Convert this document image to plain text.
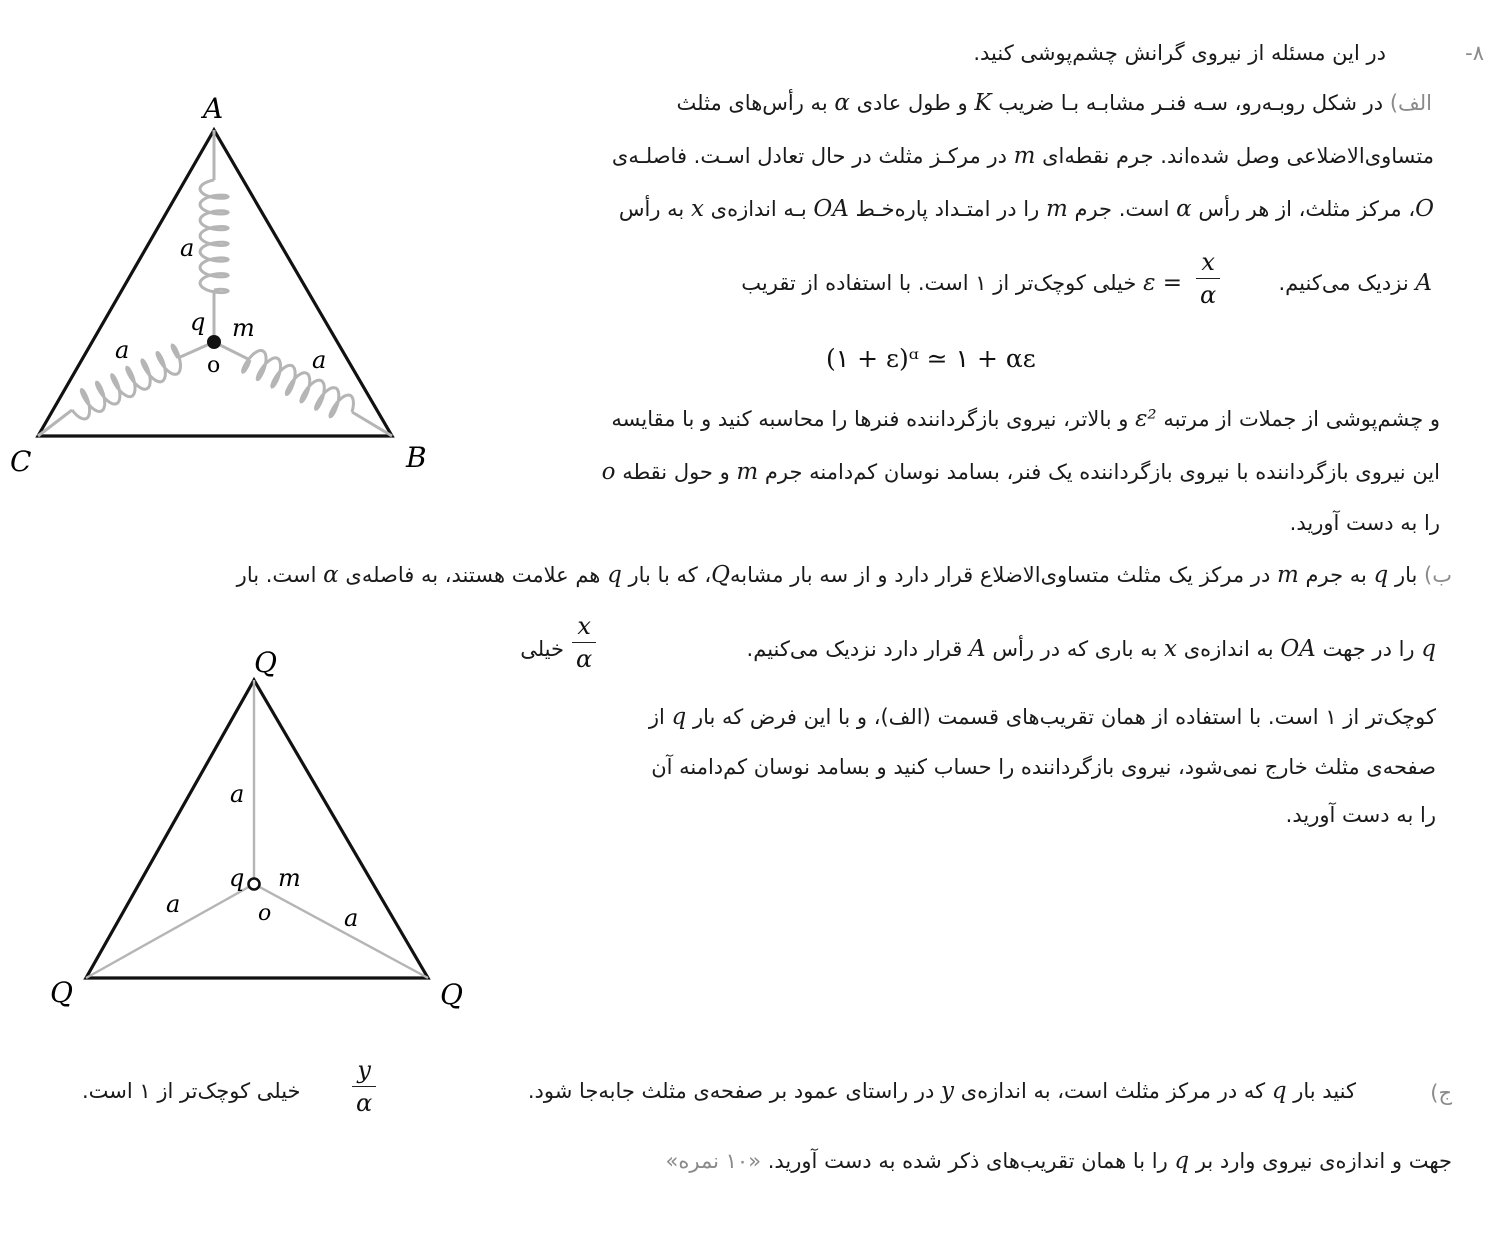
A
B
C
a
a	a
q m
o
Q
Q	Q
a
a	a
q m
o
۸-
در این مسئله از نیروی گرانش چشم‌پوشی کنید.
الف) در شکل روبـه‌رو، سـه فنـر مشابـه بـا ضریب K و طول عادی α به رأس‌های مثلث
متساوی‌الاضلاعی وصل شده‌اند. جرم نقطه‌ای m در مرکـز مثلث در حال تعادل اسـت. فاصلـه‌ی
O، مرکز مثلث، از هر رأس α است. جرم m را در امتـداد پاره‌خـط OA بـه اندازه‌ی x به رأس
A نزدیک می‌کنیم.
x
α
ε = خیلی کوچک‌تر از ۱ است. با استفاده از تقریب
(۱ + ε)ᵅ ≃ ۱ + αε
و چشم‌پوشی از جملات از مرتبه ε² و بالاتر، نیروی بازگرداننده فنرها را محاسبه کنید و با مقایسه
این نیروی بازگرداننده با نیروی بازگرداننده یک فنر، بسامد نوسان کم‌دامنه جرم m و حول نقطه o
را به دست آورید.
ب) بار q به جرم m در مرکز یک مثلث متساوی‌الاضلاع قرار دارد و از سه بار مشابهQ، که با بار q هم علامت هستند، به فاصله‌ی α است. بار
q را در جهت OA به اندازه‌ی x به باری که در رأس A قرار دارد نزدیک می‌کنیم.
x
α
خیلی
کوچک‌تر از ۱ است. با استفاده از همان تقریب‌های قسمت (الف)، و با این فرض که بار q از
صفحه‌ی مثلث خارج نمی‌شود، نیروی بازگرداننده را حساب کنید و بسامد نوسان کم‌دامنه آن
را به دست آورید.
ج)
کنید بار q که در مرکز مثلث است، به اندازه‌ی y در راستای عمود بر صفحه‌ی مثلث جابه‌جا شود.
y
α
خیلی کوچک‌تر از ۱ است.
جهت و اندازه‌ی نیروی وارد بر q را با همان تقریب‌های ذکر شده به دست آورید. «۱۰ نمره»
